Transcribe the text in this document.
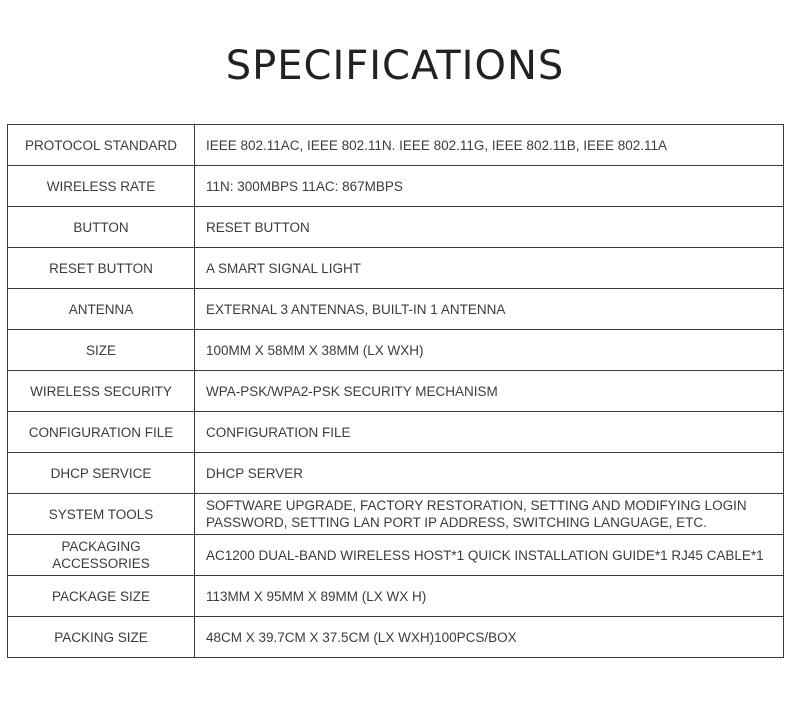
SPECIFICATIONS
PROTOCOL STANDARD	IEEE 802.11AC, IEEE 802.11N. IEEE 802.11G, IEEE 802.11B, IEEE 802.11A
WIRELESS RATE	11N: 300MBPS 11AC: 867MBPS
BUTTON	RESET BUTTON
RESET BUTTON	A SMART SIGNAL LIGHT
ANTENNA	EXTERNAL 3 ANTENNAS, BUILT-IN 1 ANTENNA
SIZE	100MM X 58MM X 38MM (LX WXH)
WIRELESS SECURITY	WPA-PSK/WPA2-PSK SECURITY MECHANISM
CONFIGURATION FILE	CONFIGURATION FILE
DHCP SERVICE	DHCP SERVER
SYSTEM TOOLS	SOFTWARE UPGRADE, FACTORY RESTORATION, SETTING AND MODIFYING LOGIN PASSWORD, SETTING LAN PORT IP ADDRESS, SWITCHING LANGUAGE, ETC.
PACKAGING ACCESSORIES	AC1200 DUAL-BAND WIRELESS HOST*1 QUICK INSTALLATION GUIDE*1 RJ45 CABLE*1
PACKAGE SIZE	113MM X 95MM X 89MM (LX WX H)
PACKING SIZE	48CM X 39.7CM X 37.5CM (LX WXH)100PCS/BOX
